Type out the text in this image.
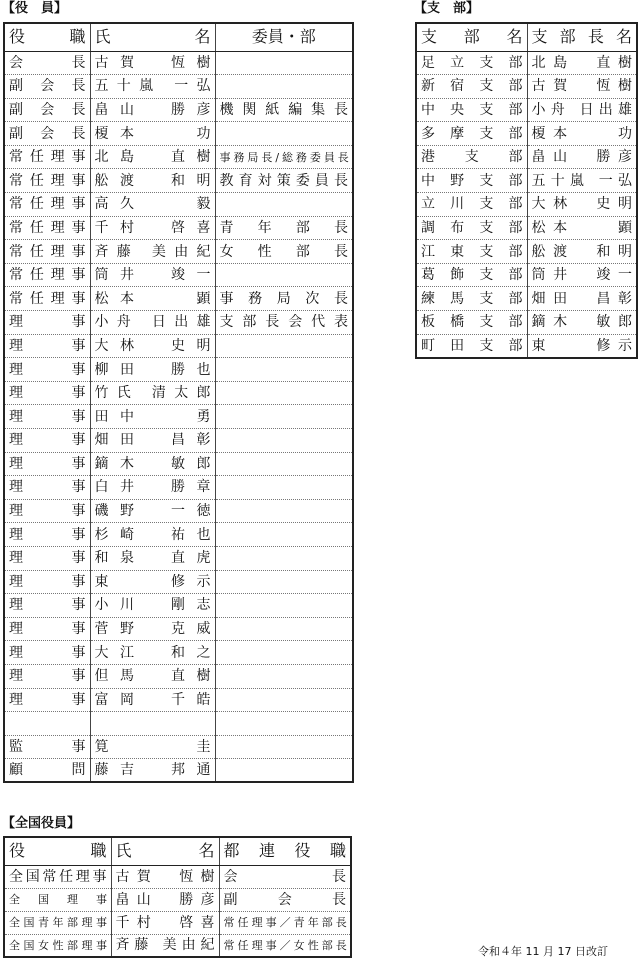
【役　員】
役　職	氏　名	委員・部
会　　長	古賀　恆樹	
副 会 長	五十嵐 一弘	
副 会 長	畠山　勝彦	機関紙編集長
副 会 長	榎本　　功	
常任理事	北島　直樹	事務局長/総務委員長
常任理事	舩渡　和明	教育対策委員長
常任理事	高久　　毅	
常任理事	千村　啓喜	青 年 部 長
常任理事	斉藤 美由紀	女 性 部 長
常任理事	筒井　竣一	
常任理事	松本　　顕	事務局次長
理　　事	小舟 日出雄	支部長会代表
理　　事	大林　史明	
理　　事	柳田　勝也	
理　　事	竹氏 清太郎	
理　　事	田中　　勇	
理　　事	畑田　昌彰	
理　　事	鏑木　敏郎	
理　　事	白井　勝章	
理　　事	磯野　一徳	
理　　事	杉崎　祐也	
理　　事	和泉　直虎	
理　　事	東　　修示	
理　　事	小川　剛志	
理　　事	菅野　克威	
理　　事	大江　和之	
理　　事	但馬　直樹	
理　　事	富岡　千皓	

監　　事	筧　　　圭	
顧　　問	藤吉　邦通	
【支　部】
支 部 名	支部長名
足立支部	北島　直樹
新宿支部	古賀　恆樹
中央支部	小舟 日出雄
多摩支部	榎本　　功
港　支　部	畠山　勝彦
中野支部	五十嵐 一弘
立川支部	大林　史明
調布支部	松本　　顕
江東支部	舩渡　和明
葛飾支部	筒井　竣一
練馬支部	畑田　昌彰
板橋支部	鏑木　敏郎
町田支部	東　　修示
【全国役員】
役　職	氏　名	都 連 役 職
全国常任理事	古賀　恆樹	会　　　長
全 国 理 事	畠山　勝彦	副　会　長
全国青年部理事	千村　啓喜	常任理事／青年部長
全国女性部理事	斉藤 美由紀	常任理事／女性部長	令和４年 11 月 17 日改訂
